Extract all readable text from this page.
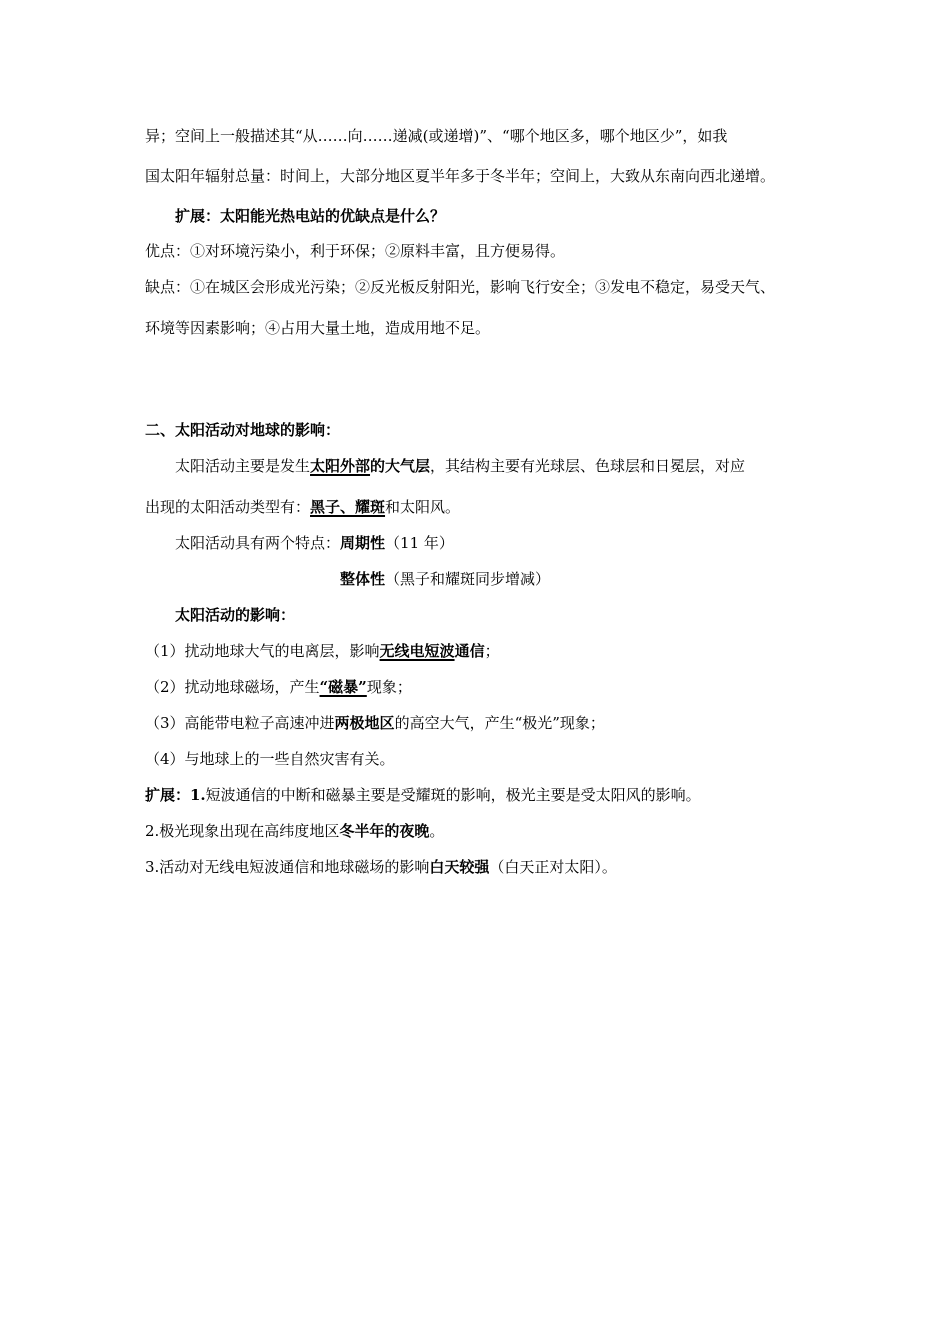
异；空间上一般描述其“从……向……递减(或递增)”、“哪个地区多，哪个地区少”，如我
国太阳年辐射总量：时间上，大部分地区夏半年多于冬半年；空间上，大致从东南向西北递增。
扩展：太阳能光热电站的优缺点是什么？
优点：①对环境污染小，利于环保；②原料丰富，且方便易得。
缺点：①在城区会形成光污染；②反光板反射阳光，影响飞行安全；③发电不稳定，易受天气、
环境等因素影响；④占用大量土地，造成用地不足。
二、太阳活动对地球的影响：
太阳活动主要是发生太阳外部的大气层，其结构主要有光球层、色球层和日冕层，对应
出现的太阳活动类型有：黑子、耀斑和太阳风。
太阳活动具有两个特点：周期性（11 年）
整体性（黑子和耀斑同步增减）
太阳活动的影响：
（1）扰动地球大气的电离层，影响无线电短波通信；
（2）扰动地球磁场，产生“磁暴”现象；
（3）高能带电粒子高速冲进两极地区的高空大气，产生“极光”现象；
（4）与地球上的一些自然灾害有关。
扩展：1.短波通信的中断和磁暴主要是受耀斑的影响，极光主要是受太阳风的影响。
2.极光现象出现在高纬度地区冬半年的夜晚。
3.活动对无线电短波通信和地球磁场的影响白天较强（白天正对太阳）。
